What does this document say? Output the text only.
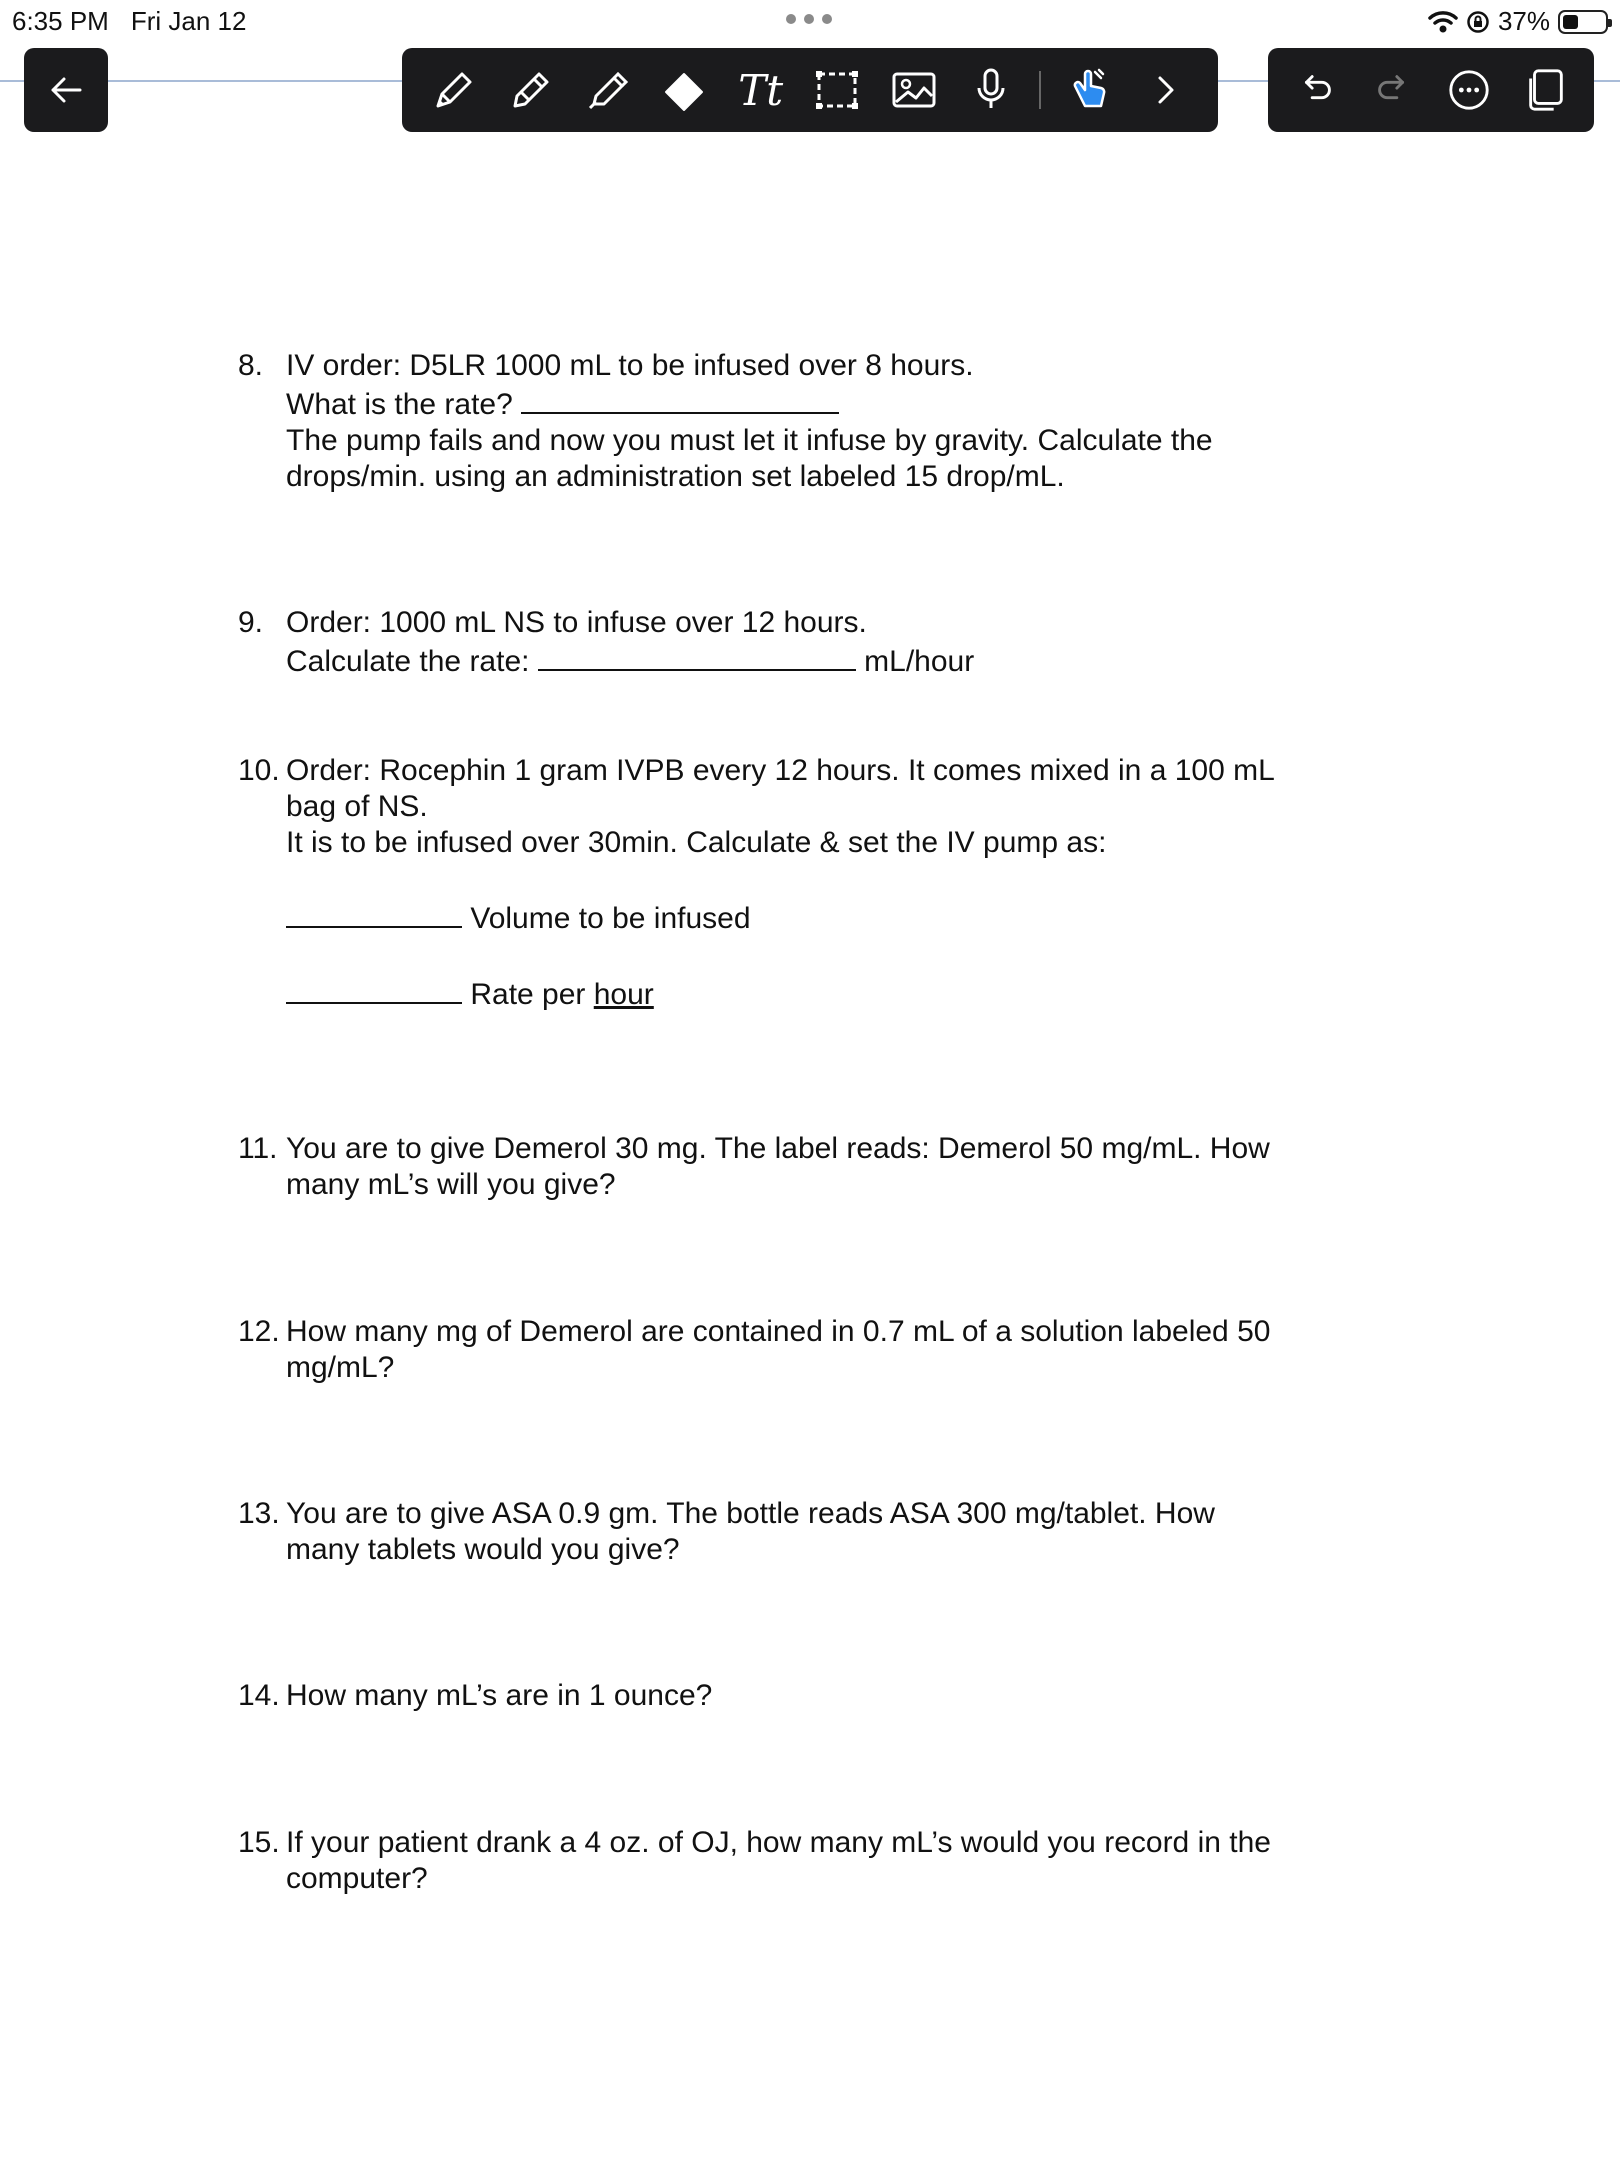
6:35 PM Fri Jan 12	37%
Tt
8. IV order: D5LR 1000 mL to be infused over 8 hours.
What is the rate?
The pump fails and now you must let it infuse by gravity. Calculate the
drops/min. using an administration set labeled 15 drop/mL.
9. Order: 1000 mL NS to infuse over 12 hours.
Calculate the rate:	mL/hour
10. Order: Rocephin 1 gram IVPB every 12 hours. It comes mixed in a 100 mL
bag of NS.
It is to be infused over 30min. Calculate & set the IV pump as:
Volume to be infused
Rate per hour
11. You are to give Demerol 30 mg. The label reads: Demerol 50 mg/mL. How
many mL’s will you give?
12. How many mg of Demerol are contained in 0.7 mL of a solution labeled 50
mg/mL?
13. You are to give ASA 0.9 gm. The bottle reads ASA 300 mg/tablet. How
many tablets would you give?
14. How many mL’s are in 1 ounce?
15. If your patient drank a 4 oz. of OJ, how many mL’s would you record in the
computer?
